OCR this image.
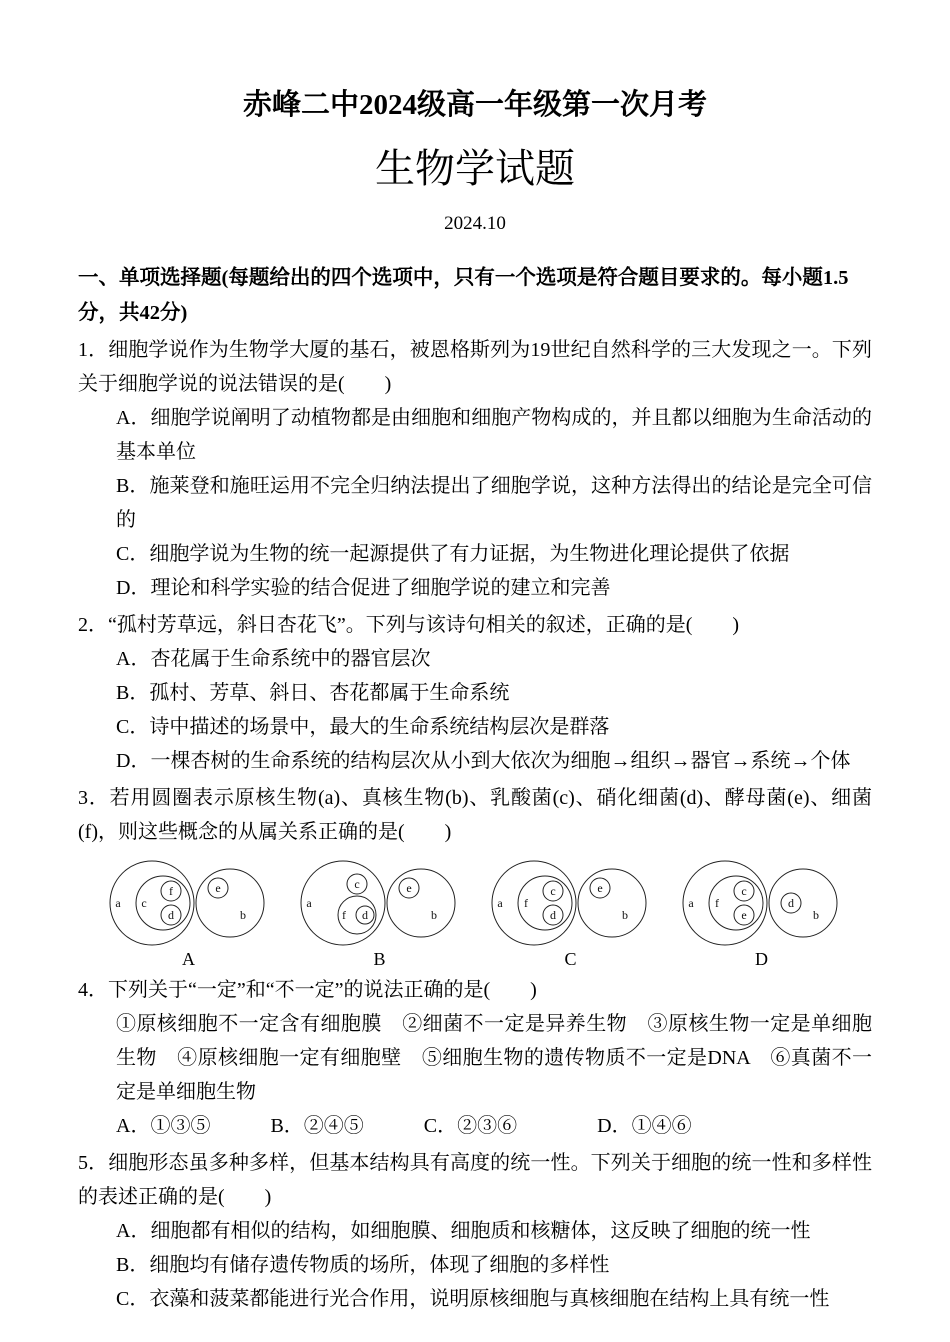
赤峰二中2024级高一年级第一次月考
生物学试题
2024.10

一、单项选择题(每题给出的四个选项中，只有一个选项是符合题目要求的。每小题1.5分，共42分)

1．细胞学说作为生物学大厦的基石，被恩格斯列为19世纪自然科学的三大发现之一。下列关于细胞学说的说法错误的是(　　)

A．细胞学说阐明了动植物都是由细胞和细胞产物构成的，并且都以细胞为生命活动的基本单位

B．施莱登和施旺运用不完全归纳法提出了细胞学说，这种方法得出的结论是完全可信的

C．细胞学说为生物的统一起源提供了有力证据，为生物进化理论提供了依据

D．理论和科学实验的结合促进了细胞学说的建立和完善

2．“孤村芳草远，斜日杏花飞”。下列与该诗句相关的叙述，正确的是(　　)

A．杏花属于生命系统中的器官层次

B．孤村、芳草、斜日、杏花都属于生命系统

C．诗中描述的场景中，最大的生命系统结构层次是群落

D．一棵杏树的生命系统的结构层次从小到大依次为细胞→组织→器官→系统→个体

3．若用圆圈表示原核生物(a)、真核生物(b)、乳酸菌(c)、硝化细菌(d)、酵母菌(e)、细菌(f)，则这些概念的从属关系正确的是(　　)

a c
f
d
e
b
A
a
c
f d
e
b
B
a f
c
d
e
b
C
a f
c
e
d
b
D

4．下列关于“一定”和“不一定”的说法正确的是(　　)

①原核细胞不一定含有细胞膜　②细菌不一定是异养生物　③原核生物一定是单细胞生物　④原核细胞一定有细胞壁　⑤细胞生物的遗传物质不一定是DNA　⑥真菌不一定是单细胞生物

A．①③⑤　　　B．②④⑤　　　C．②③⑥　　　　D．①④⑥

5．细胞形态虽多种多样，但基本结构具有高度的统一性。下列关于细胞的统一性和多样性的表述正确的是(　　)

A．细胞都有相似的结构，如细胞膜、细胞质和核糖体，这反映了细胞的统一性

B．细胞均有储存遗传物质的场所，体现了细胞的多样性

C．衣藻和菠菜都能进行光合作用，说明原核细胞与真核细胞在结构上具有统一性
